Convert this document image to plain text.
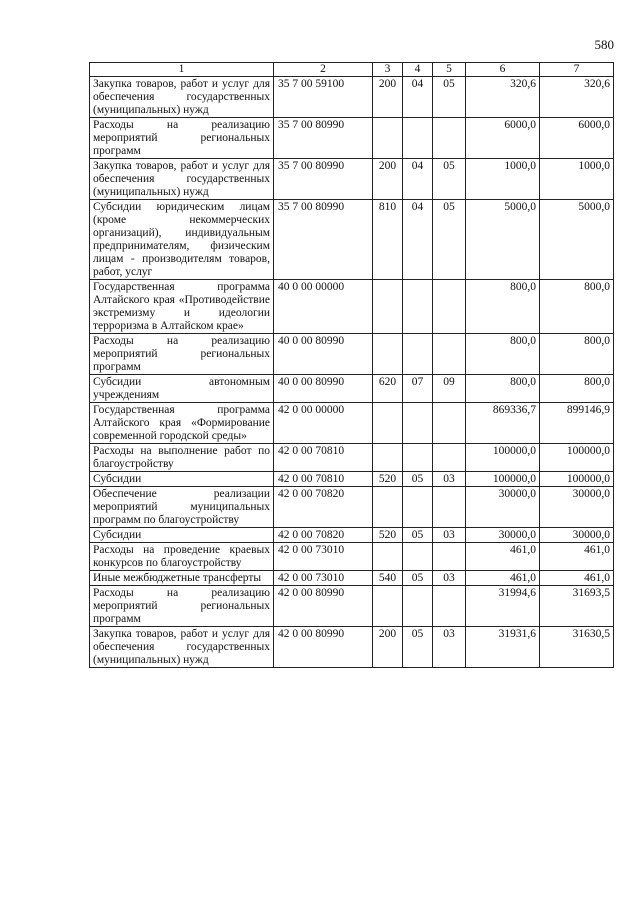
580
1	2	3	4	5	6	7
Закупка товаров, работ и услуг для обеспечения государственных (муниципальных) нужд	35 7 00 59100	200	04	05	320,6	320,6
Расходы на реализацию мероприятий региональных программ	35 7 00 80990				6000,0	6000,0
Закупка товаров, работ и услуг для обеспечения государственных (муниципальных) нужд	35 7 00 80990	200	04	05	1000,0	1000,0
Субсидии юридическим лицам (кроме некоммерческих организаций), индивидуальным предпринимателям, физическим лицам - производителям товаров, работ, услуг	35 7 00 80990	810	04	05	5000,0	5000,0
Государственная программа Алтайского края «Противодействие экстремизму и идеологии терроризма в Алтайском крае»	40 0 00 00000				800,0	800,0
Расходы на реализацию мероприятий региональных программ	40 0 00 80990				800,0	800,0
Субсидии автономным учреждениям	40 0 00 80990	620	07	09	800,0	800,0
Государственная программа Алтайского края «Формирование современной городской среды»	42 0 00 00000				869336,7	899146,9
Расходы на выполнение работ по благоустройству	42 0 00 70810				100000,0	100000,0
Субсидии	42 0 00 70810	520	05	03	100000,0	100000,0
Обеспечение реализации мероприятий муниципальных программ по благоустройству	42 0 00 70820				30000,0	30000,0
Субсидии	42 0 00 70820	520	05	03	30000,0	30000,0
Расходы на проведение краевых конкурсов по благоустройству	42 0 00 73010				461,0	461,0
Иные межбюджетные трансферты	42 0 00 73010	540	05	03	461,0	461,0
Расходы на реализацию мероприятий региональных программ	42 0 00 80990				31994,6	31693,5
Закупка товаров, работ и услуг для обеспечения государственных (муниципальных) нужд	42 0 00 80990	200	05	03	31931,6	31630,5
